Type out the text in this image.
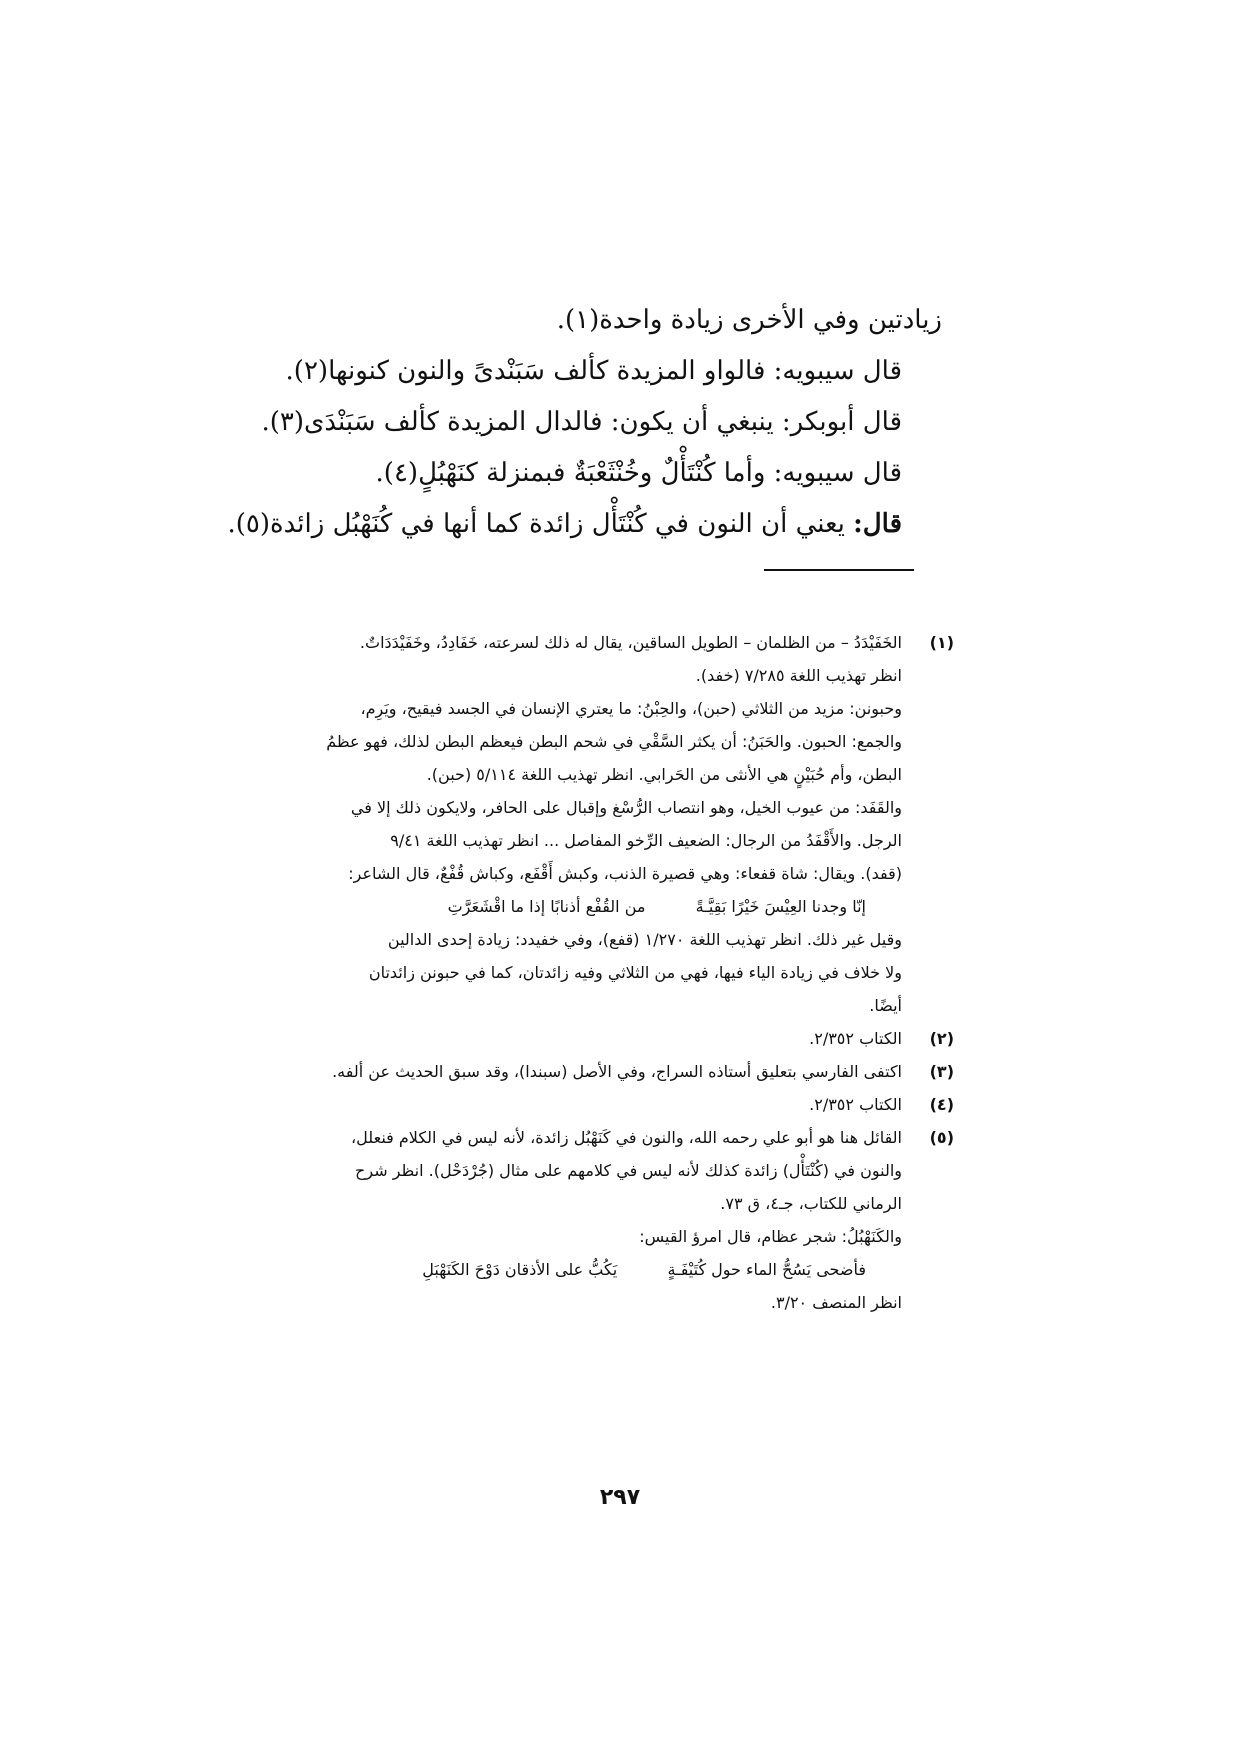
زيادتين وفي الأخرى زيادة واحدة(١).
قال سيبويه: فالواو المزيدة كألف سَبَنْدىً والنون كنونها(٢).
قال أبوبكر: ينبغي أن يكون: فالدال المزيدة كألف سَبَنْدَى(٣).
قال سيبويه: وأما كُنْتَأْلٌ وخُنْثَعْبَةٌ فبمنزلة كنَهْبُلٍ(٤).
قال: يعني أن النون في كُنْتَأْل زائدة كما أنها في كُنَهْبُل زائدة(٥).
(١)
الخَفَيْدَدُ – من الظلمان – الطويل الساقين، يقال له ذلك لسرعته، خَفَادِدُ، وخَفَيْدَدَاتٌ.
انظر تهذيب اللغة ٧/٢٨٥ (خفد).
وحبونن: مزيد من الثلاثي (حبن)، والحِبْنُ: ما يعتري الإنسان في الجسد فيقيح، ويَرِم،
والجمع: الحبون. والحَبَنُ: أن يكثر السَّقْي في شحم البطن فيعظم البطن لذلك، فهو عظمُ
البطن، وأم حُبَيْنٍ هي الأنثى من الحَرابي. انظر تهذيب اللغة ٥/١١٤ (حبن).
والقَفَد: من عيوب الخيل، وهو انتصاب الرُّسْغ وإقبال على الحافر، ولايكون ذلك إلا في
الرجل. والأَقْفَدُ من الرجال: الضعيف الرِّخو المفاصل ... انظر تهذيب اللغة ٩/٤١
(قفد). ويقال: شاة قفعاء: وهي قصيرة الذنب، وكبش أَقْفَع، وكباش قُفْعٌ، قال الشاعر:
إنّا وجدنا العِيْسَ خَيْرًا بَقِيَّـةً  من القُفْع أذنابًا إذا ما اقْشَعَرَّتِ
وقيل غير ذلك. انظر تهذيب اللغة ١/٢٧٠ (قفع)، وفي خفيدد: زيادة إحدى الدالين
ولا خلاف في زيادة الياء فيها، فهي من الثلاثي وفيه زائدتان، كما في حبونن زائدتان
أيضًا.
(٢)
الكتاب ٢/٣٥٢.
(٣)
اكتفى الفارسي بتعليق أستاذه السراج، وفي الأصل (سبندا)، وقد سبق الحديث عن ألفه.
(٤)
الكتاب ٢/٣٥٢.
(٥)
القائل هنا هو أبو علي رحمه الله، والنون في كَنَهْبُل زائدة، لأنه ليس في الكلام فنعلل،
والنون في (كُنْتَأْل) زائدة كذلك لأنه ليس في كلامهم على مثال (جُرْدَحْل). انظر شرح
الرماني للكتاب، جـ٤، ق ٧٣.
والكَنَهْبُلُ: شجر عظام، قال امرؤ القيس:
فأضحى يَسُحُّ الماء حول كُتَيْفَـةٍ  يَكُبُّ على الأذقان دَوْحَ الكَنَهْبَلِ
انظر المنصف ٣/٢٠.
٢٩٧
